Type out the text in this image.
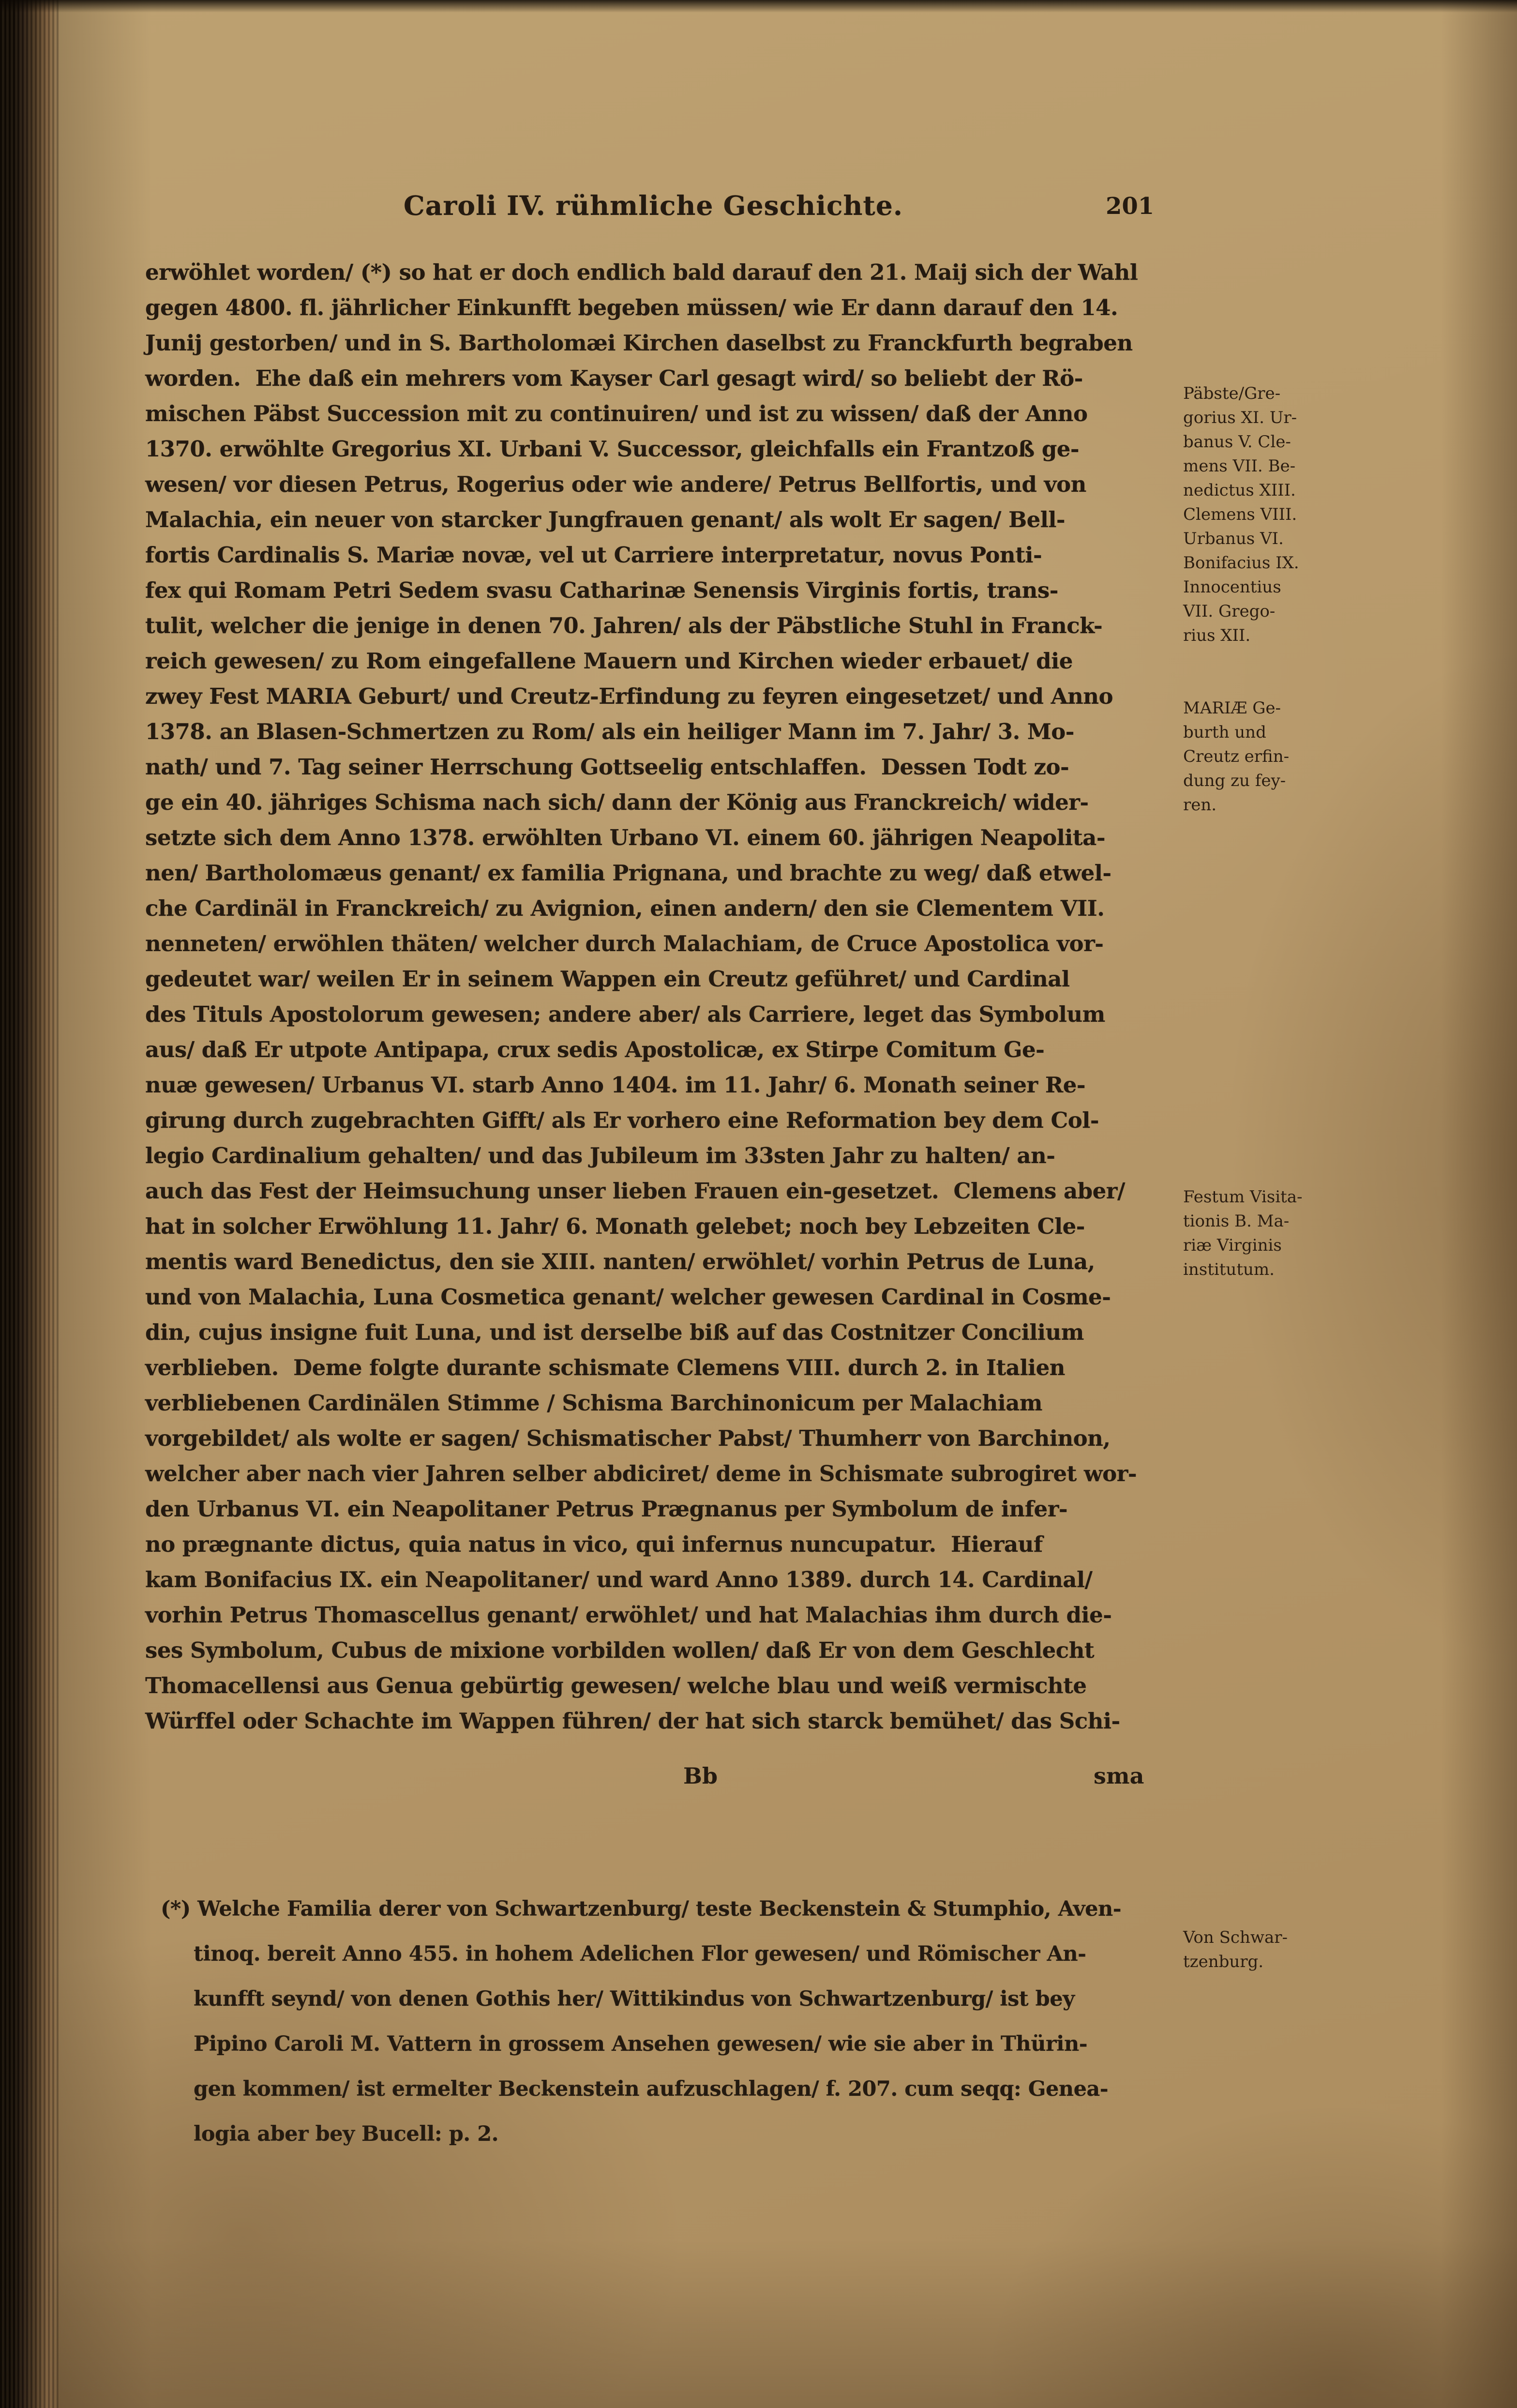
Caroli IV. rühmliche Geschichte.	201
erwöhlet worden/ (*) so hat er doch endlich bald darauf den 21. Maij sich der Wahl
gegen 4800. fl. jährlicher Einkunfft begeben müssen/ wie Er dann darauf den 14.
Junij gestorben/ und in S. Bartholomæi Kirchen daselbst zu Franckfurth begraben
worden.  Ehe daß ein mehrers vom Kayser Carl gesagt wird/ so beliebt der Rö-
mischen Päbst Succession mit zu continuiren/ und ist zu wissen/ daß der Anno
1370. erwöhlte Gregorius XI. Urbani V. Successor, gleichfalls ein Frantzoß ge-
wesen/ vor diesen Petrus, Rogerius oder wie andere/ Petrus Bellfortis, und von
Malachia, ein neuer von starcker Jungfrauen genant/ als wolt Er sagen/ Bell-
fortis Cardinalis S. Mariæ novæ, vel ut Carriere interpretatur, novus Ponti-
fex qui Romam Petri Sedem svasu Catharinæ Senensis Virginis fortis, trans-
tulit, welcher die jenige in denen 70. Jahren/ als der Päbstliche Stuhl in Franck-
reich gewesen/ zu Rom eingefallene Mauern und Kirchen wieder erbauet/ die
zwey Fest MARIA Geburt/ und Creutz-Erfindung zu feyren eingesetzet/ und Anno
1378. an Blasen-Schmertzen zu Rom/ als ein heiliger Mann im 7. Jahr/ 3. Mo-
nath/ und 7. Tag seiner Herrschung Gottseelig entschlaffen.  Dessen Todt zo-
ge ein 40. jähriges Schisma nach sich/ dann der König aus Franckreich/ wider-
setzte sich dem Anno 1378. erwöhlten Urbano VI. einem 60. jährigen Neapolita-
nen/ Bartholomæus genant/ ex familia Prignana, und brachte zu weg/ daß etwel-
che Cardinäl in Franckreich/ zu Avignion, einen andern/ den sie Clementem VII.
nenneten/ erwöhlen thäten/ welcher durch Malachiam, de Cruce Apostolica vor-
gedeutet war/ weilen Er in seinem Wappen ein Creutz geführet/ und Cardinal
des Tituls Apostolorum gewesen; andere aber/ als Carriere, leget das Symbolum
aus/ daß Er utpote Antipapa, crux sedis Apostolicæ, ex Stirpe Comitum Ge-
nuæ gewesen/ Urbanus VI. starb Anno 1404. im 11. Jahr/ 6. Monath seiner Re-
girung durch zugebrachten Gifft/ als Er vorhero eine Reformation bey dem Col-
legio Cardinalium gehalten/ und das Jubileum im 33sten Jahr zu halten/ an-
auch das Fest der Heimsuchung unser lieben Frauen ein-gesetzet.  Clemens aber/
hat in solcher Erwöhlung 11. Jahr/ 6. Monath gelebet; noch bey Lebzeiten Cle-
mentis ward Benedictus, den sie XIII. nanten/ erwöhlet/ vorhin Petrus de Luna,
und von Malachia, Luna Cosmetica genant/ welcher gewesen Cardinal in Cosme-
din, cujus insigne fuit Luna, und ist derselbe biß auf das Costnitzer Concilium
verblieben.  Deme folgte durante schismate Clemens VIII. durch 2. in Italien
verbliebenen Cardinälen Stimme / Schisma Barchinonicum per Malachiam
vorgebildet/ als wolte er sagen/ Schismatischer Pabst/ Thumherr von Barchinon,
welcher aber nach vier Jahren selber abdiciret/ deme in Schismate subrogiret wor-
den Urbanus VI. ein Neapolitaner Petrus Prægnanus per Symbolum de infer-
no prægnante dictus, quia natus in vico, qui infernus nuncupatur.  Hierauf
kam Bonifacius IX. ein Neapolitaner/ und ward Anno 1389. durch 14. Cardinal/
vorhin Petrus Thomascellus genant/ erwöhlet/ und hat Malachias ihm durch die-
ses Symbolum, Cubus de mixione vorbilden wollen/ daß Er von dem Geschlecht
Thomacellensi aus Genua gebürtig gewesen/ welche blau und weiß vermischte
Würffel oder Schachte im Wappen führen/ der hat sich starck bemühet/ das Schi-
Päbste/Gre-
gorius XI. Ur-
banus V. Cle-
mens VII. Be-
nedictus XIII.
Clemens VIII.
Urbanus VI.
Bonifacius IX.
Innocentius
VII. Grego-
rius XII.
MARIÆ Ge-
burth und
Creutz erfin-
dung zu fey-
ren.
Festum Visita-
tionis B. Ma-
riæ Virginis
institutum.
Von Schwar-
tzenburg.
Bb	sma
(*) Welche Familia derer von Schwartzenburg/ teste Beckenstein & Stumphio, Aven-
tinoq. bereit Anno 455. in hohem Adelichen Flor gewesen/ und Römischer An-
kunfft seynd/ von denen Gothis her/ Wittikindus von Schwartzenburg/ ist bey
Pipino Caroli M. Vattern in grossem Ansehen gewesen/ wie sie aber in Thürin-
gen kommen/ ist ermelter Beckenstein aufzuschlagen/ f. 207. cum seqq: Genea-
logia aber bey Bucell: p. 2.
